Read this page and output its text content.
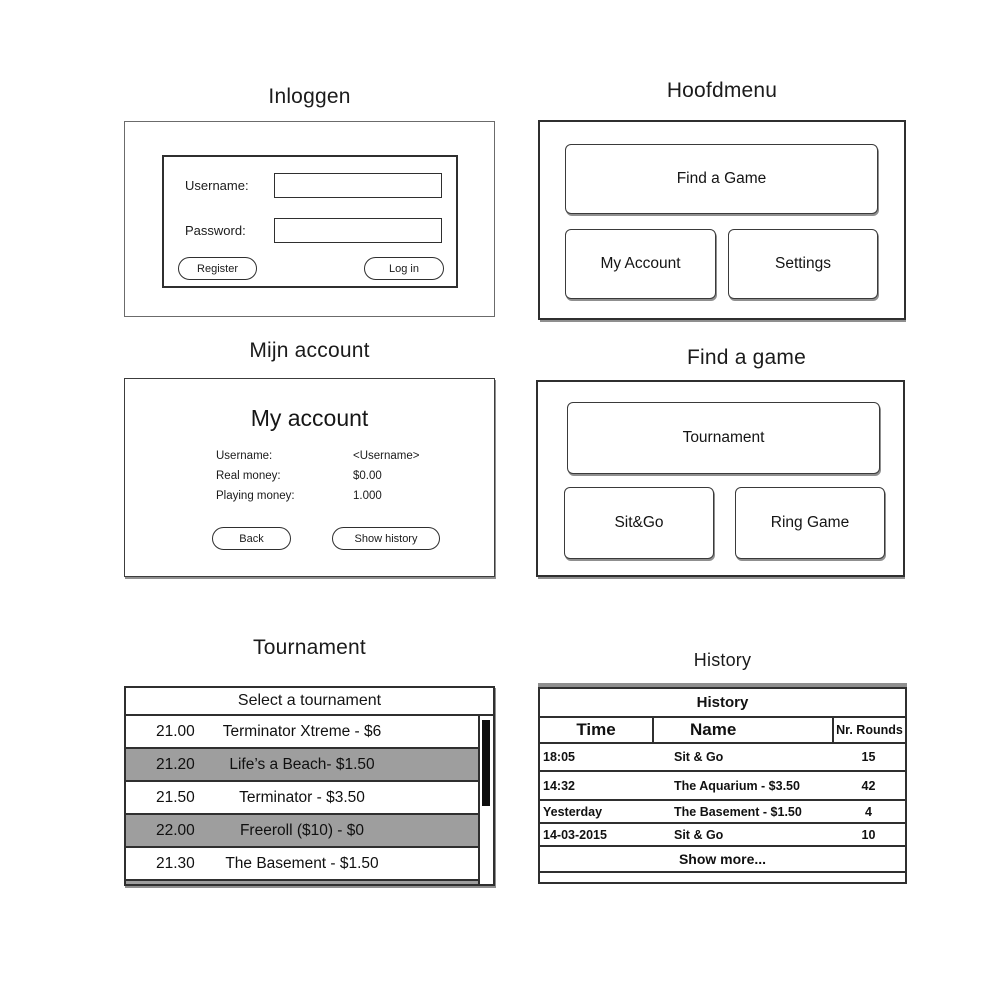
Inloggen	Hoofdmenu
Mijn account	Find a game
Tournament
History
Username:
Password:
Register	Log in
Find a Game
My Account	Settings
My account
Username:	<Username>
Real money:	$0.00
Playing money:	1.000
Back	Show history
Tournament
Sit&Go	Ring Game
Select a tournament
21.00	Terminator Xtreme - $6
21.20	Life’s a Beach- $1.50
21.50	Terminator - $3.50
22.00	Freeroll ($10) - $0
21.30	The Basement - $1.50
History
Time	Name	Nr. Rounds
18:05	Sit & Go	15
14:32	The Aquarium - $3.50	42
Yesterday	The Basement - $1.50	4
14-03-2015	Sit & Go	10
Show more...
